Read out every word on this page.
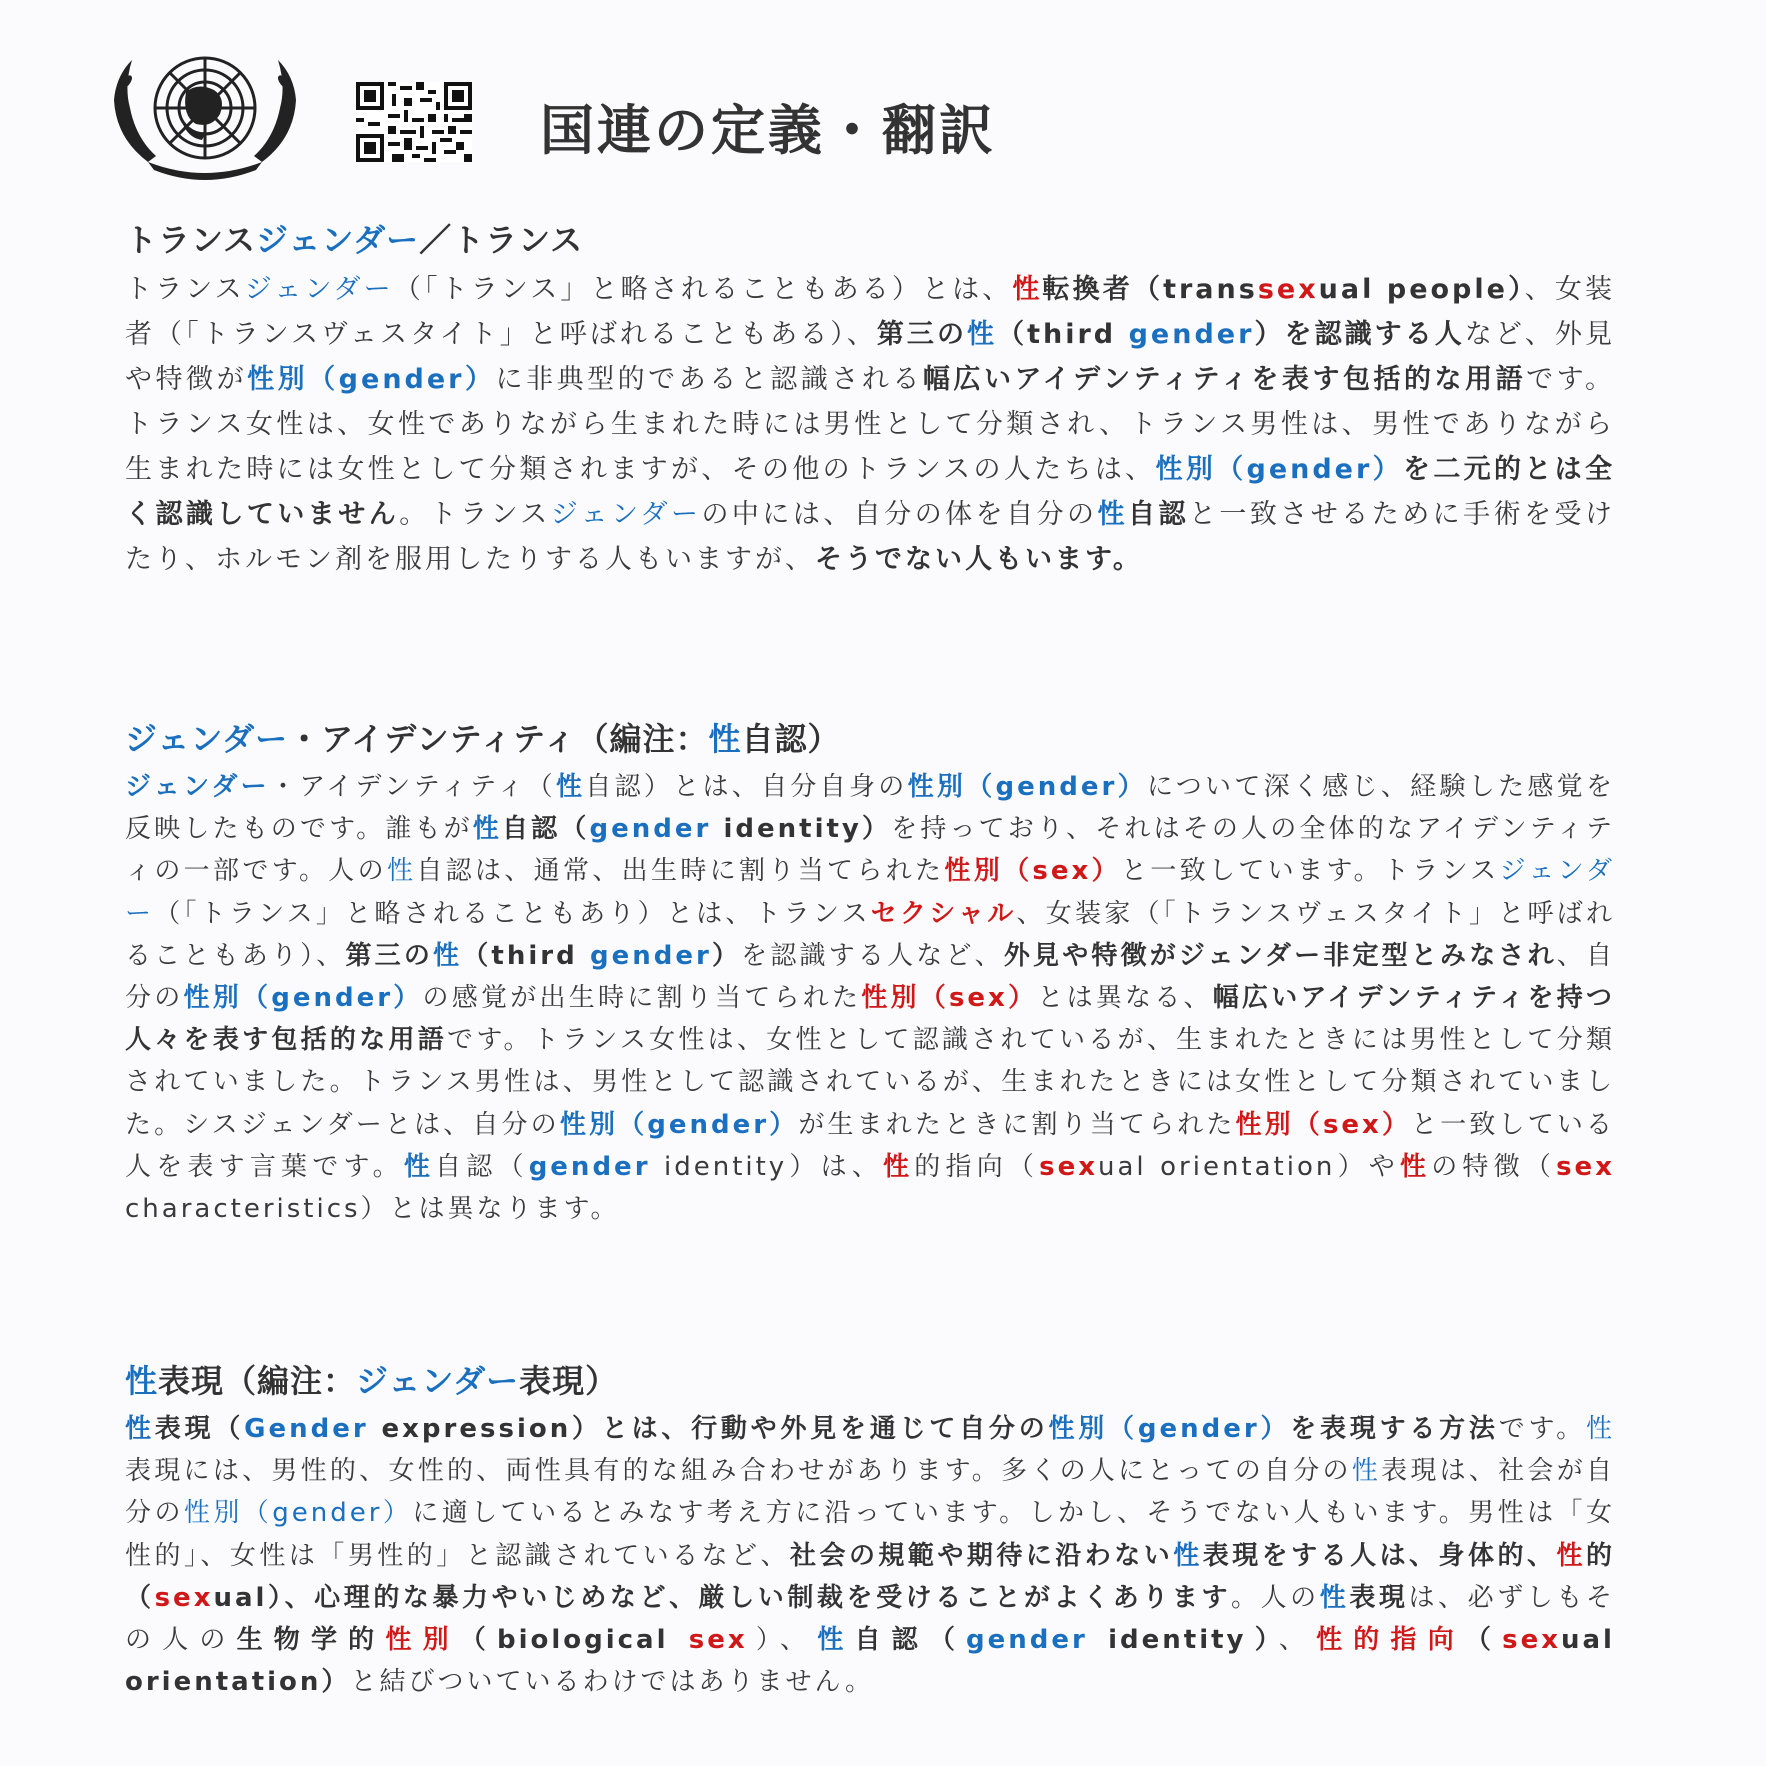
国連の定義・翻訳
トランスジェンダー／トランス

トランスジェンダー（「トランス」と略されることもある）とは、性転換者（transsexual people）、女装者（「トランスヴェスタイト」と呼ばれることもある）、第三の性（third gender）を認識する人など、外見や特徴が性別（gender）に非典型的であると認識される幅広いアイデンティティを表す包括的な用語です。トランス女性は、女性でありながら生まれた時には男性として分類され、トランス男性は、男性でありながら生まれた時には女性として分類されますが、その他のトランスの人たちは、性別（gender）を二元的とは全く認識していません。トランスジェンダーの中には、自分の体を自分の性自認と一致させるために手術を受けたり、ホルモン剤を服用したりする人もいますが、そうでない人もいます。

ジェンダー・アイデンティティ（編注：性自認）

ジェンダー・アイデンティティ（性自認）とは、自分自身の性別（gender）について深く感じ、経験した感覚を反映したものです。誰もが性自認（gender identity）を持っており、それはその人の全体的なアイデンティティの一部です。人の性自認は、通常、出生時に割り当てられた性別（sex）と一致しています。トランスジェンダー（「トランス」と略されることもあり）とは、トランスセクシャル、女装家（「トランスヴェスタイト」と呼ばれることもあり）、第三の性（third gender）を認識する人など、外見や特徴がジェンダー非定型とみなされ、自分の性別（gender）の感覚が出生時に割り当てられた性別（sex）とは異なる、幅広いアイデンティティを持つ人々を表す包括的な用語です。トランス女性は、女性として認識されているが、生まれたときには男性として分類されていました。トランス男性は、男性として認識されているが、生まれたときには女性として分類されていました。シスジェンダーとは、自分の性別（gender）が生まれたときに割り当てられた性別（sex）と一致している人を表す言葉です。性自認（gender identity）は、性的指向（sexual orientation）や性の特徴（sex characteristics）とは異なります。

性表現（編注：ジェンダー表現）

性表現（Gender expression）とは、行動や外見を通じて自分の性別（gender）を表現する方法です。性表現には、男性的、女性的、両性具有的な組み合わせがあります。多くの人にとっての自分の性表現は、社会が自分の性別（gender）に適しているとみなす考え方に沿っています。しかし、そうでない人もいます。男性は「女性的」、女性は「男性的」と認識されているなど、社会の規範や期待に沿わない性表現をする人は、身体的、性的（sexual）、心理的な暴力やいじめなど、厳しい制裁を受けることがよくあります。人の性表現は、必ずしもその人の生物学的性別（biological sex）、性自認（gender identity）、性的指向（sexual orientation）と結びついているわけではありません。
